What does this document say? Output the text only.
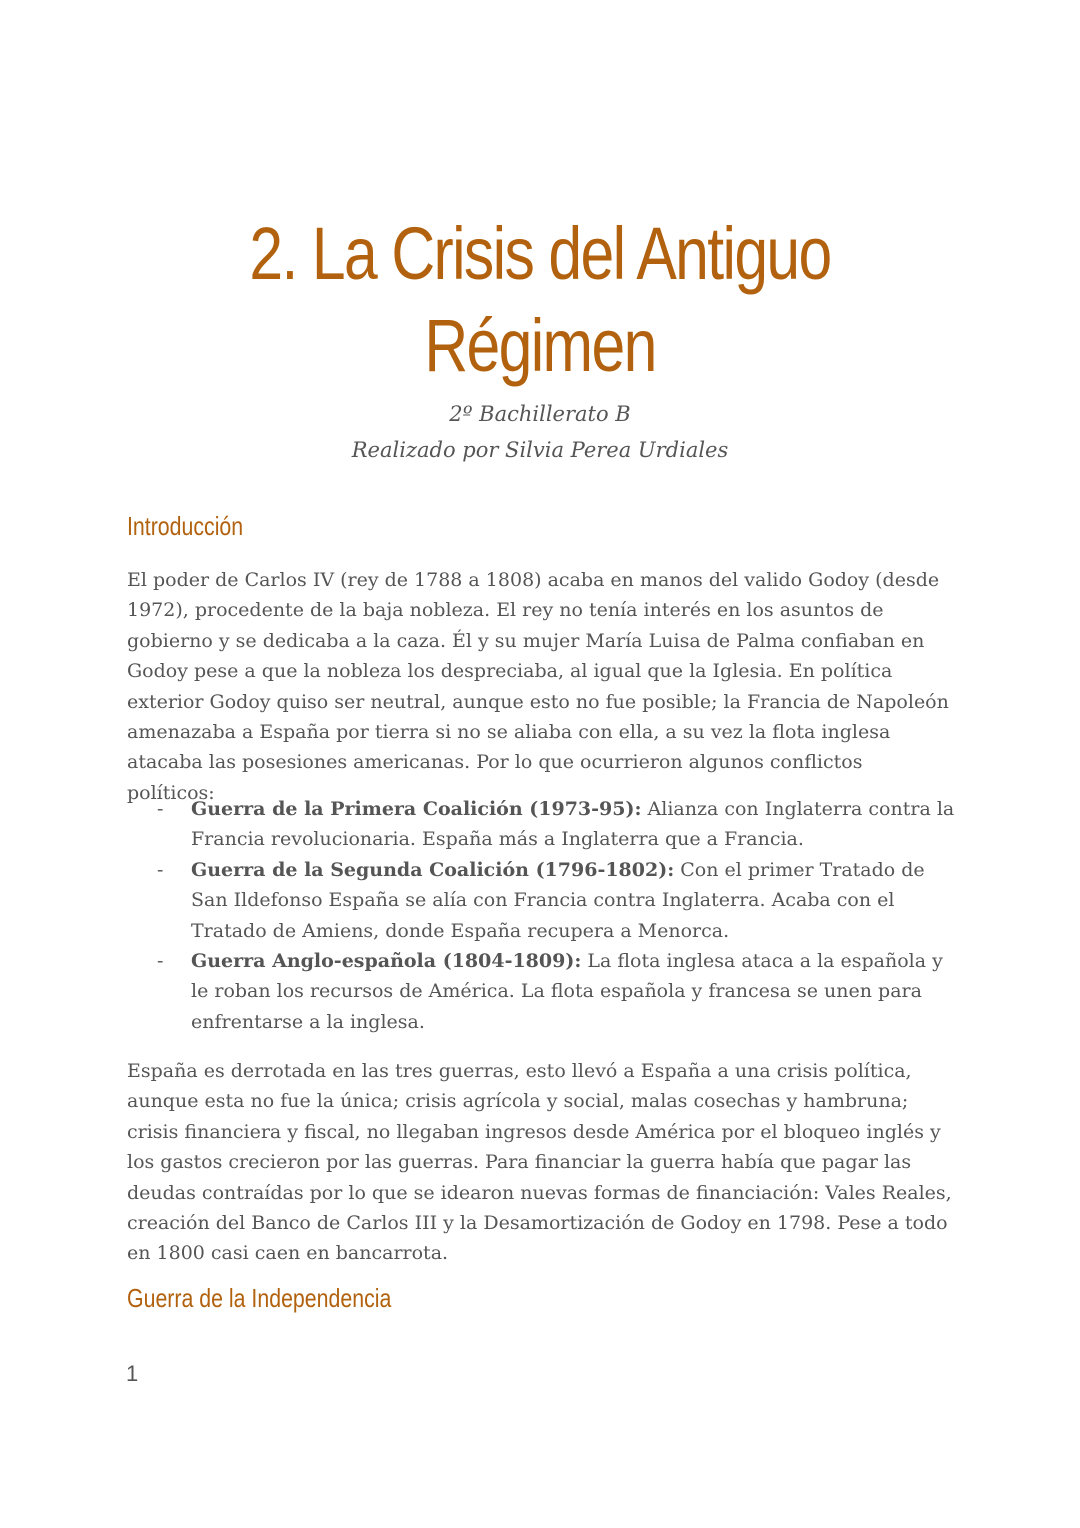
2. La Crisis del Antiguo
Régimen
2º Bachillerato B
Realizado por Silvia Perea Urdiales
Introducción

El poder de Carlos IV (rey de 1788 a 1808) acaba en manos del valido Godoy (desde 1972), procedente de la baja nobleza. El rey no tenía interés en los asuntos de gobierno y se dedicaba a la caza. Él y su mujer María Luisa de Palma confiaban en Godoy pese a que la nobleza los despreciaba, al igual que la Iglesia. En política exterior Godoy quiso ser neutral, aunque esto no fue posible; la Francia de Napoleón amenazaba a España por tierra si no se aliaba con ella, a su vez la flota inglesa atacaba las posesiones americanas. Por lo que ocurrieron algunos conflictos políticos:

- Guerra de la Primera Coalición (1973-95): Alianza con Inglaterra contra la Francia revolucionaria. España más a Inglaterra que a Francia.
- Guerra de la Segunda Coalición (1796-1802): Con el primer Tratado de San Ildefonso España se alía con Francia contra Inglaterra. Acaba con el Tratado de Amiens, donde España recupera a Menorca.
- Guerra Anglo-española (1804-1809): La flota inglesa ataca a la española y le roban los recursos de América. La flota española y francesa se unen para enfrentarse a la inglesa.

España es derrotada en las tres guerras, esto llevó a España a una crisis política, aunque esta no fue la única; crisis agrícola y social, malas cosechas y hambruna; crisis financiera y fiscal, no llegaban ingresos desde América por el bloqueo inglés y los gastos crecieron por las guerras. Para financiar la guerra había que pagar las deudas contraídas por lo que se idearon nuevas formas de financiación: Vales Reales, creación del Banco de Carlos III y la Desamortización de Godoy en 1798. Pese a todo en 1800 casi caen en bancarrota.

Guerra de la Independencia
1
